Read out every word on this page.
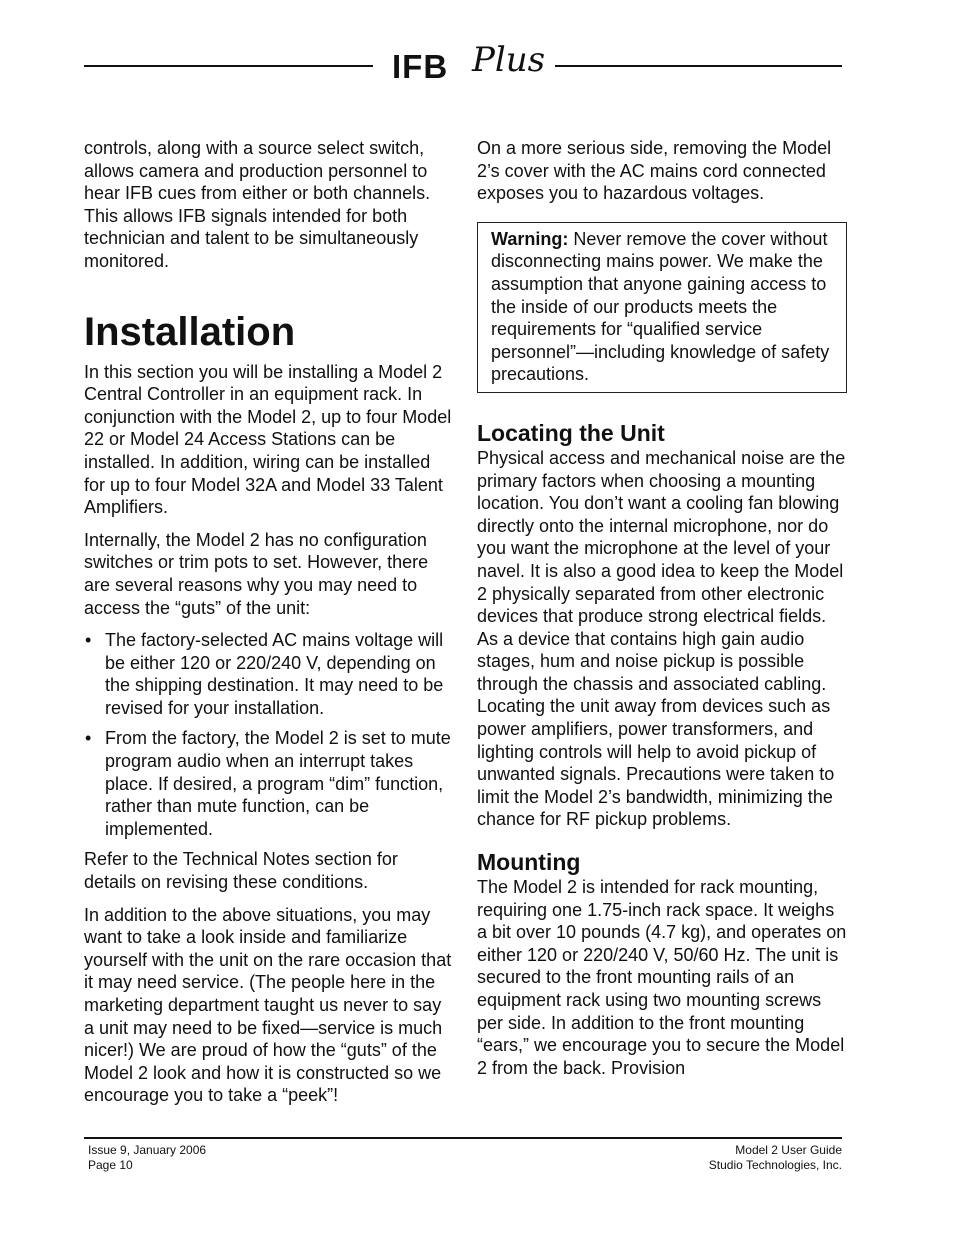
IFB Plus

controls, along with a source select switch, allows camera and production personnel to hear IFB cues from either or both channels. This allows IFB signals intended for both technician and talent to be simultaneously monitored.

Installation

In this section you will be installing a Model 2 Central Controller in an equipment rack. In conjunction with the Model 2, up to four Model 22 or Model 24 Access Stations can be installed. In addition, wiring can be installed for up to four Model 32A and Model 33 Talent Amplifiers.

Internally, the Model 2 has no configuration switches or trim pots to set. However, there are several reasons why you may need to access the “guts” of the unit:

• The factory-selected AC mains voltage will be either 120 or 220/240 V, depending on the shipping destination. It may need to be revised for your installation.
• From the factory, the Model 2 is set to mute program audio when an interrupt takes place. If desired, a program “dim” function, rather than mute function, can be implemented.

Refer to the Technical Notes section for details on revising these conditions.

In addition to the above situations, you may want to take a look inside and familiarize yourself with the unit on the rare occasion that it may need service. (The people here in the marketing department taught us never to say a unit may need to be fixed—service is much nicer!) We are proud of how the “guts” of the Model 2 look and how it is constructed so we encourage you to take a “peek”!

On a more serious side, removing the Model 2’s cover with the AC mains cord connected exposes you to hazardous voltages.

Warning: Never remove the cover without disconnecting mains power. We make the assumption that anyone gaining access to the inside of our products meets the requirements for “qualified service personnel”—including knowledge of safety precautions.
Locating the Unit

Physical access and mechanical noise are the primary factors when choosing a mounting location. You don’t want a cooling fan blowing directly onto the internal microphone, nor do you want the microphone at the level of your navel. It is also a good idea to keep the Model 2 physically separated from other electronic devices that produce strong electrical fields. As a device that contains high gain audio stages, hum and noise pickup is possible through the chassis and associated cabling. Locating the unit away from devices such as power amplifiers, power transformers, and lighting controls will help to avoid pickup of unwanted signals. Precautions were taken to limit the Model 2’s bandwidth, minimizing the chance for RF pickup problems.

Mounting

The Model 2 is intended for rack mounting, requiring one 1.75-inch rack space. It weighs a bit over 10 pounds (4.7 kg), and operates on either 120 or 220/240 V, 50/60 Hz. The unit is secured to the front mounting rails of an equipment rack using two mounting screws per side. In addition to the front mounting “ears,” we encourage you to secure the Model 2 from the back. Provision

Issue 9, January 2006
Page 10
Model 2 User Guide
Studio Technologies, Inc.
